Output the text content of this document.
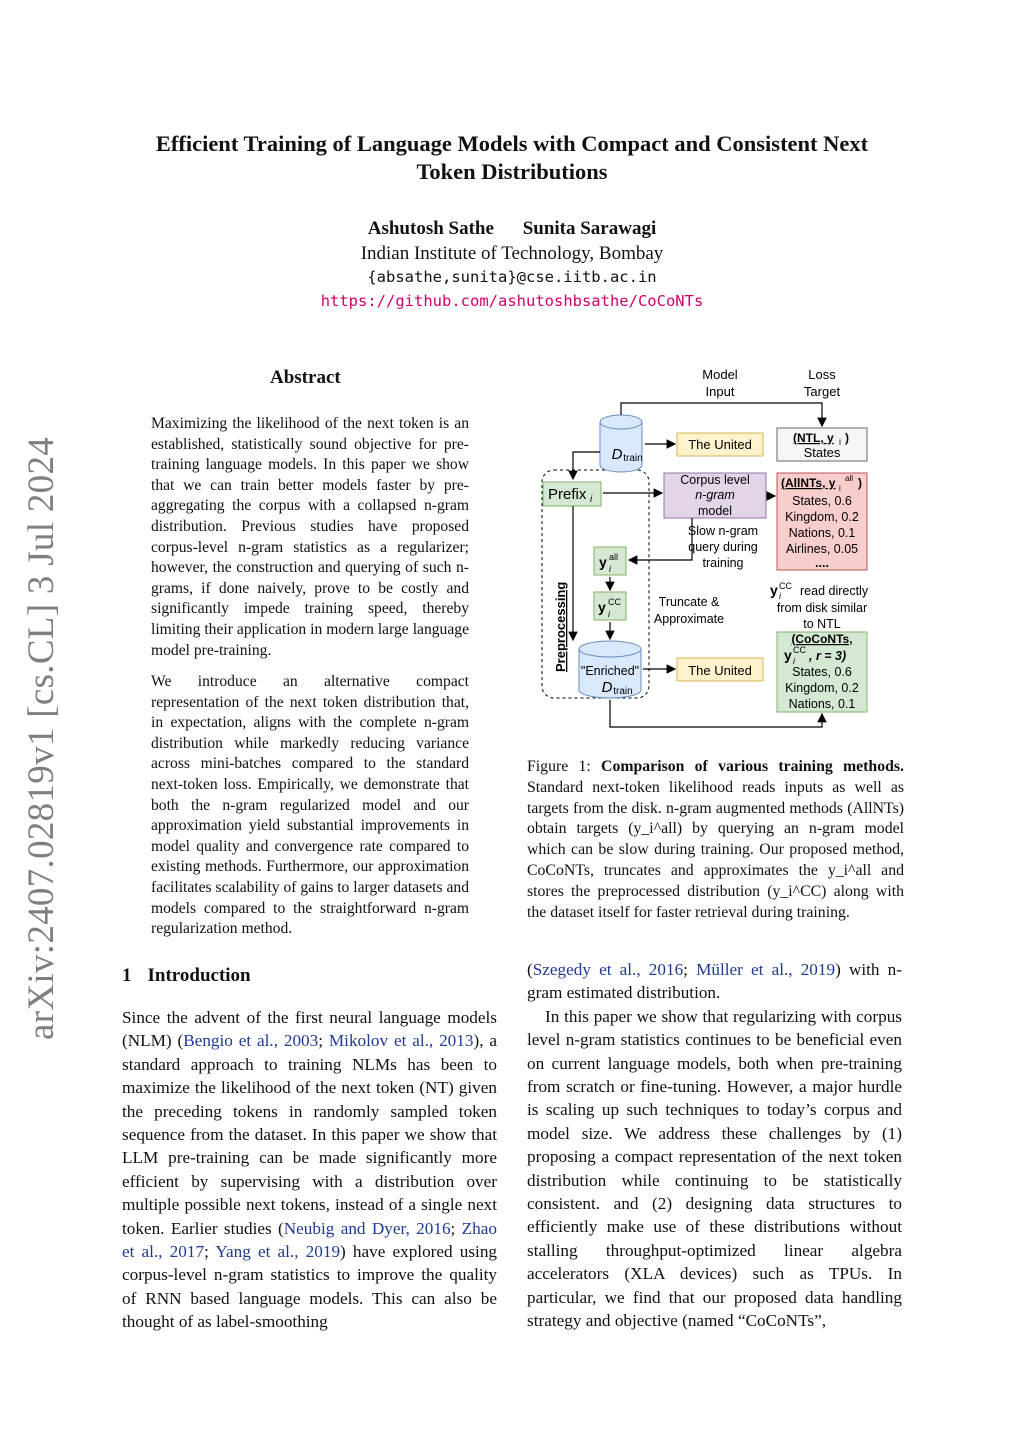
arXiv:2407.02819v1 [cs.CL] 3 Jul 2024
Efficient Training of Language Models with Compact and Consistent Next
Token Distributions
Ashutosh Sathe Sunita Sarawagi
Indian Institute of Technology, Bombay
{absathe,sunita}@cse.iitb.ac.in
https://github.com/ashutoshbsathe/CoCoNTs
Abstract
Maximizing the likelihood of the next token is an established, statistically sound objective for pre-training language models. In this paper we show that we can train better models faster by pre-aggregating the corpus with a collapsed n-gram distribution. Previous studies have proposed corpus-level n-gram statistics as a regularizer; however, the construction and querying of such n-grams, if done naively, prove to be costly and significantly impede training speed, thereby limiting their application in modern large language model pre-training.
We introduce an alternative compact representation of the next token distribution that, in expectation, aligns with the complete n-gram distribution while markedly reducing variance across mini-batches compared to the standard next-token loss. Empirically, we demonstrate that both the n-gram regularized model and our approximation yield substantial improvements in model quality and convergence rate compared to existing methods. Furthermore, our approximation facilitates scalability of gains to larger datasets and models compared to the straightforward n-gram regularization method.
Model
Input
Loss
Target
Preprocessing
D train
The United	(NTL, y i )
States
Prefix i
Corpus level
n-gram
model
Slow n-gram
query during
training
(AllNTs, y all
i )
States, 0.6
Kingdom, 0.2
Nations, 0.1
Airlines, 0.05
....
y all
i
y CC
i
Truncate &
Approximate
y CC
i read directly
from disk similar
to NTL
"Enriched"
D train
The United
(CoCoNTs,
y CC
i , r = 3)
States, 0.6
Kingdom, 0.2
Nations, 0.1
Figure 1: Comparison of various training methods. Standard next-token likelihood reads inputs as well as targets from the disk. n-gram augmented methods (AllNTs) obtain targets (y_i^all) by querying an n-gram model which can be slow during training. Our proposed method, CoCoNTs, truncates and approximates the y_i^all and stores the preprocessed distribution (y_i^CC) along with the dataset itself for faster retrieval during training.
1 Introduction
Since the advent of the first neural language models (NLM) (Bengio et al., 2003; Mikolov et al., 2013), a standard approach to training NLMs has been to maximize the likelihood of the next token (NT) given the preceding tokens in randomly sampled token sequence from the dataset. In this paper we show that LLM pre-training can be made significantly more efficient by supervising with a distribution over multiple possible next tokens, instead of a single next token. Earlier studies (Neubig and Dyer, 2016; Zhao et al., 2017; Yang et al., 2019) have explored using corpus-level n-gram statistics to improve the quality of RNN based language models. This can also be thought of as label-smoothing
(Szegedy et al., 2016; Müller et al., 2019) with n-gram estimated distribution.
In this paper we show that regularizing with corpus level n-gram statistics continues to be beneficial even on current language models, both when pre-training from scratch or fine-tuning. However, a major hurdle is scaling up such techniques to today’s corpus and model size. We address these challenges by (1) proposing a compact representation of the next token distribution while continuing to be statistically consistent. and (2) designing data structures to efficiently make use of these distributions without stalling throughput-optimized linear algebra accelerators (XLA devices) such as TPUs. In particular, we find that our proposed data handling strategy and objective (named “CoCoNTs”,
